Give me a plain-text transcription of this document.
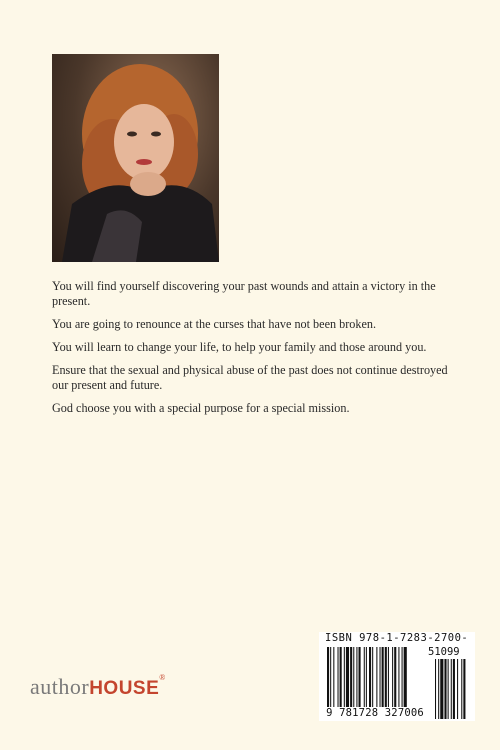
You will find yourself discovering your past wounds and attain a victory in the present.

You are going to renounce at the curses that have not been broken.

You will learn to change your life, to help your family and those around you.

Ensure that the sexual and physical abuse of the past does not continue destroyed our present and future.

God choose you with a special purpose for a special mission.

ISBN 978-1-7283-2700-
51099
9 781728 327006
authorHOUSE®
